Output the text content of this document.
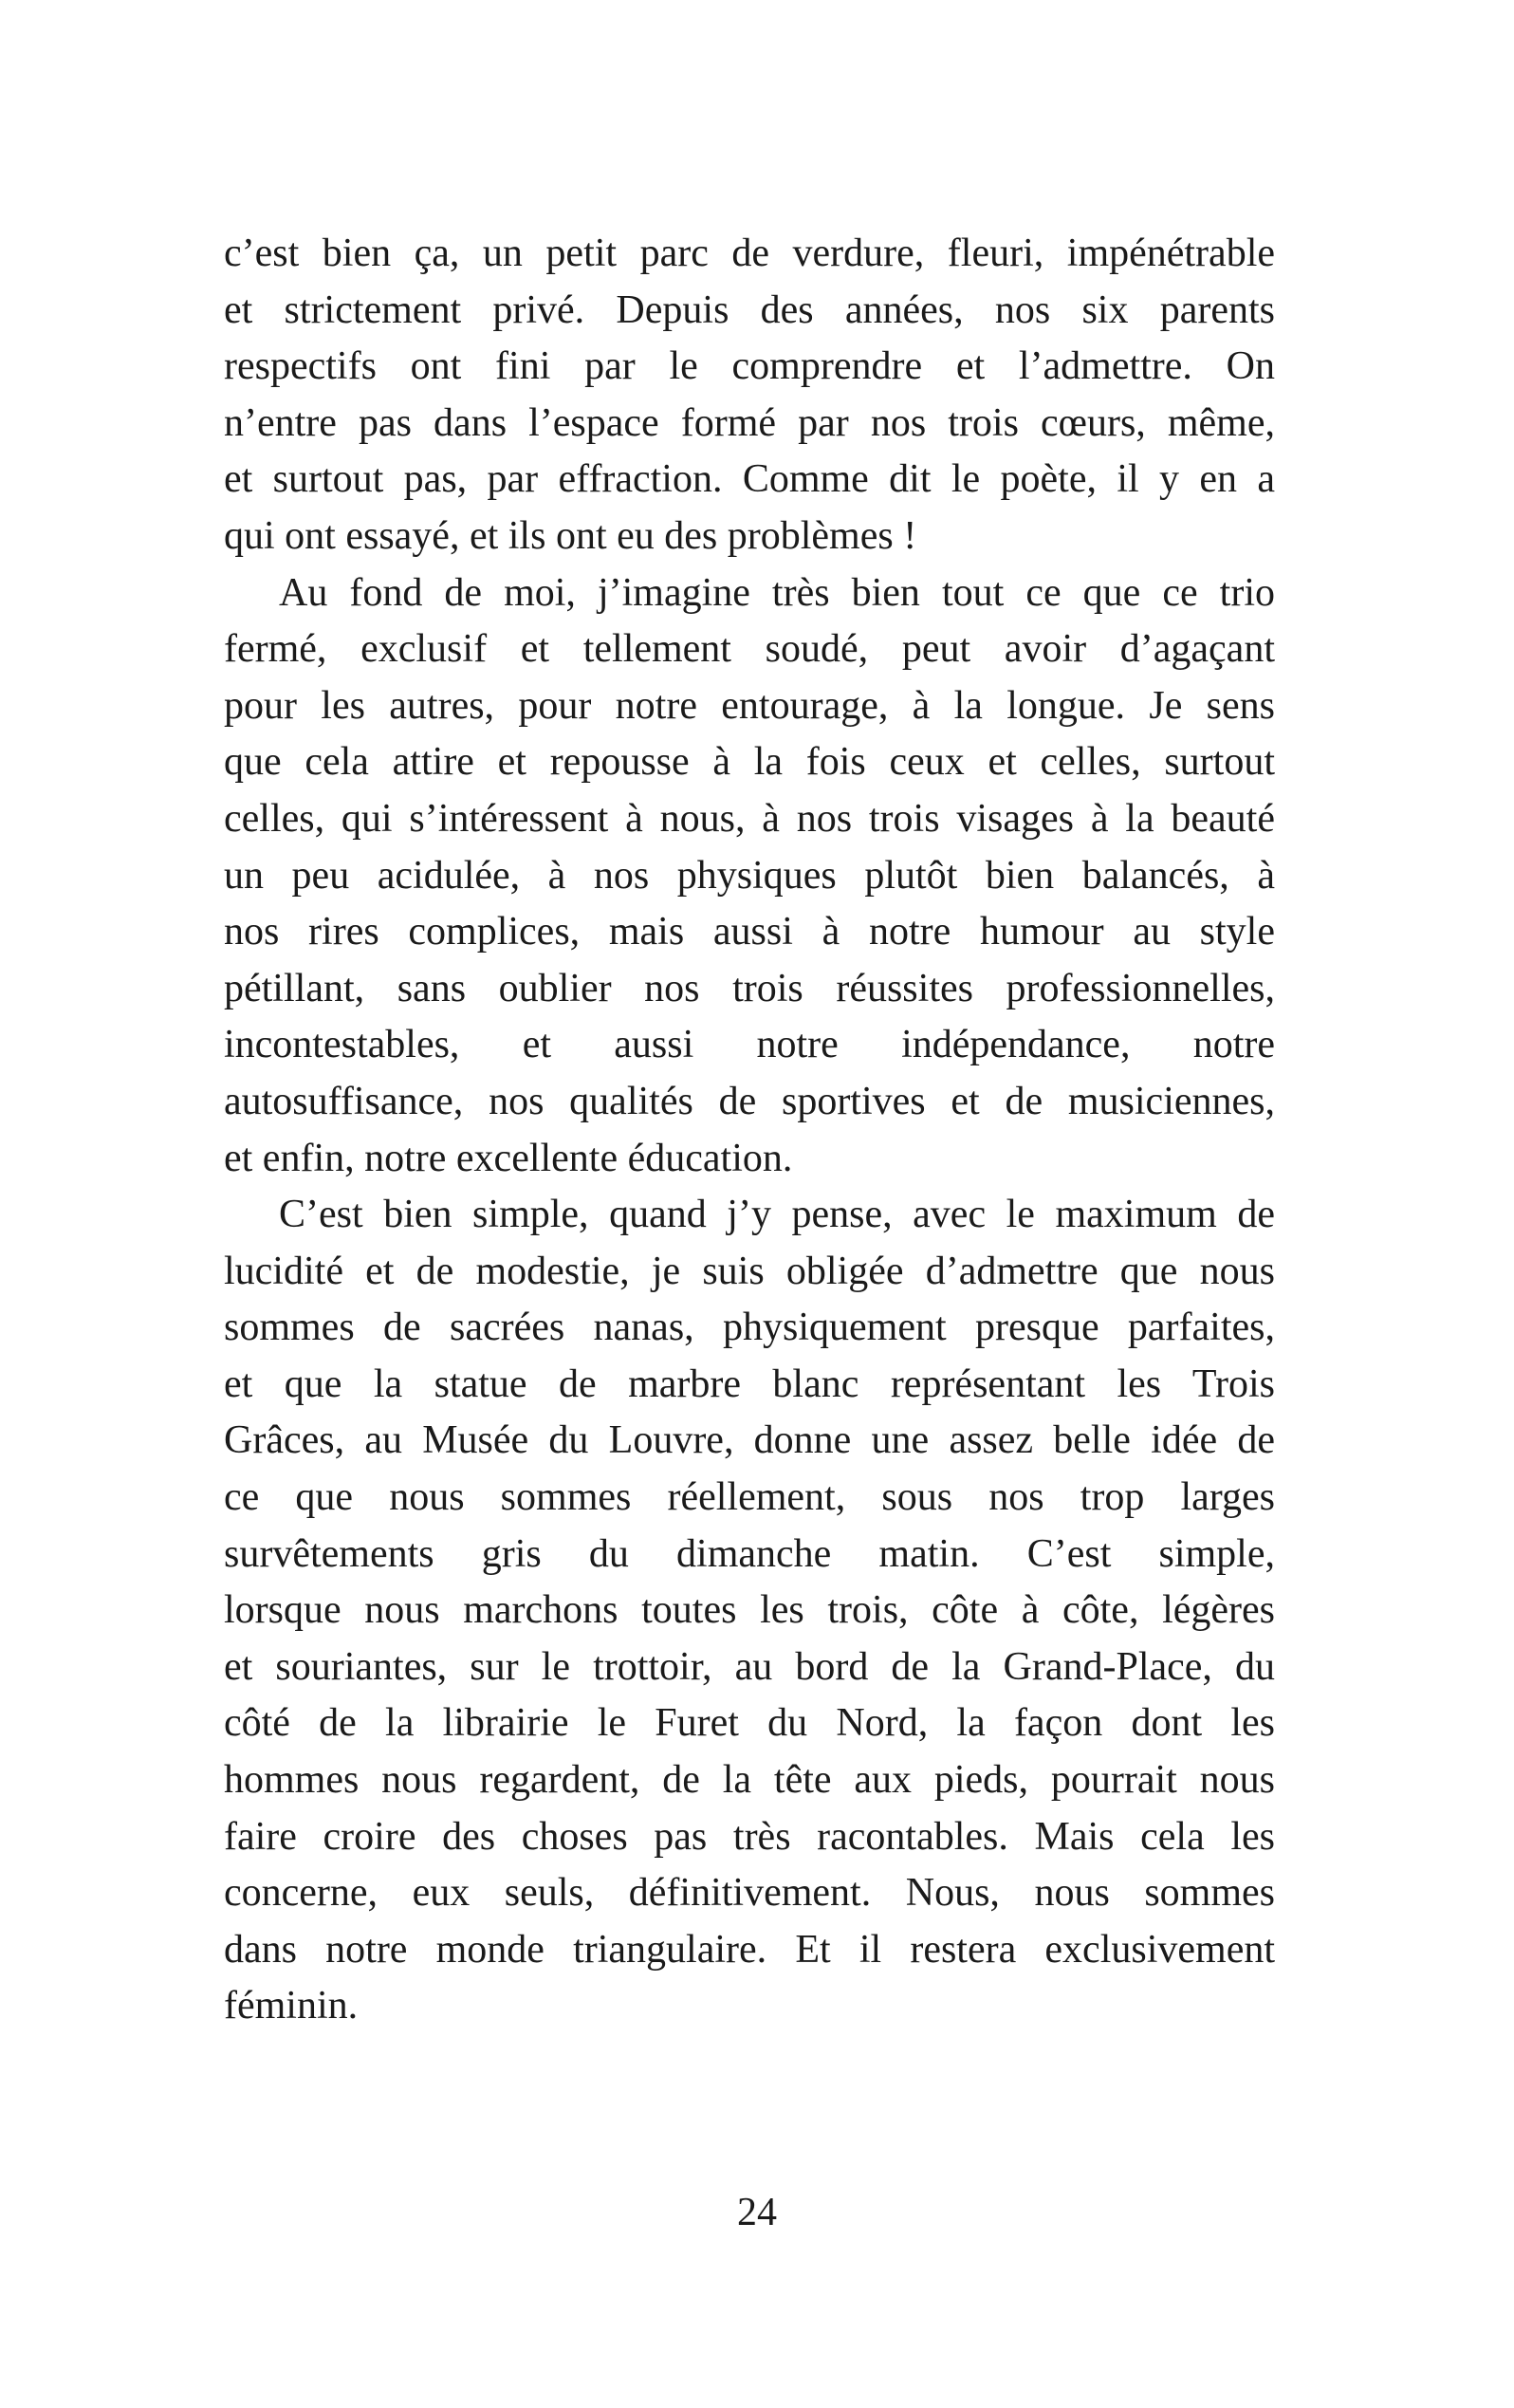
c’est bien ça, un petit parc de verdure, fleuri, impénétrable
et strictement privé. Depuis des années, nos six parents
respectifs ont fini par le comprendre et l’admettre. On
n’entre pas dans l’espace formé par nos trois cœurs, même,
et surtout pas, par effraction. Comme dit le poète, il y en a
qui ont essayé, et ils ont eu des problèmes !

Au fond de moi, j’imagine très bien tout ce que ce trio
fermé, exclusif et tellement soudé, peut avoir d’agaçant
pour les autres, pour notre entourage, à la longue. Je sens
que cela attire et repousse à la fois ceux et celles, surtout
celles, qui s’intéressent à nous, à nos trois visages à la beauté
un peu acidulée, à nos physiques plutôt bien balancés, à
nos rires complices, mais aussi à notre humour au style
pétillant, sans oublier nos trois réussites professionnelles,
incontestables, et aussi notre indépendance, notre
autosuffisance, nos qualités de sportives et de musiciennes,
et enfin, notre excellente éducation.

C’est bien simple, quand j’y pense, avec le maximum de
lucidité et de modestie, je suis obligée d’admettre que nous
sommes de sacrées nanas, physiquement presque parfaites,
et que la statue de marbre blanc représentant les Trois
Grâces, au Musée du Louvre, donne une assez belle idée de
ce que nous sommes réellement, sous nos trop larges
survêtements gris du dimanche matin. C’est simple,
lorsque nous marchons toutes les trois, côte à côte, légères
et souriantes, sur le trottoir, au bord de la Grand-Place, du
côté de la librairie le Furet du Nord, la façon dont les
hommes nous regardent, de la tête aux pieds, pourrait nous
faire croire des choses pas très racontables. Mais cela les
concerne, eux seuls, définitivement. Nous, nous sommes
dans notre monde triangulaire. Et il restera exclusivement
féminin.

24
